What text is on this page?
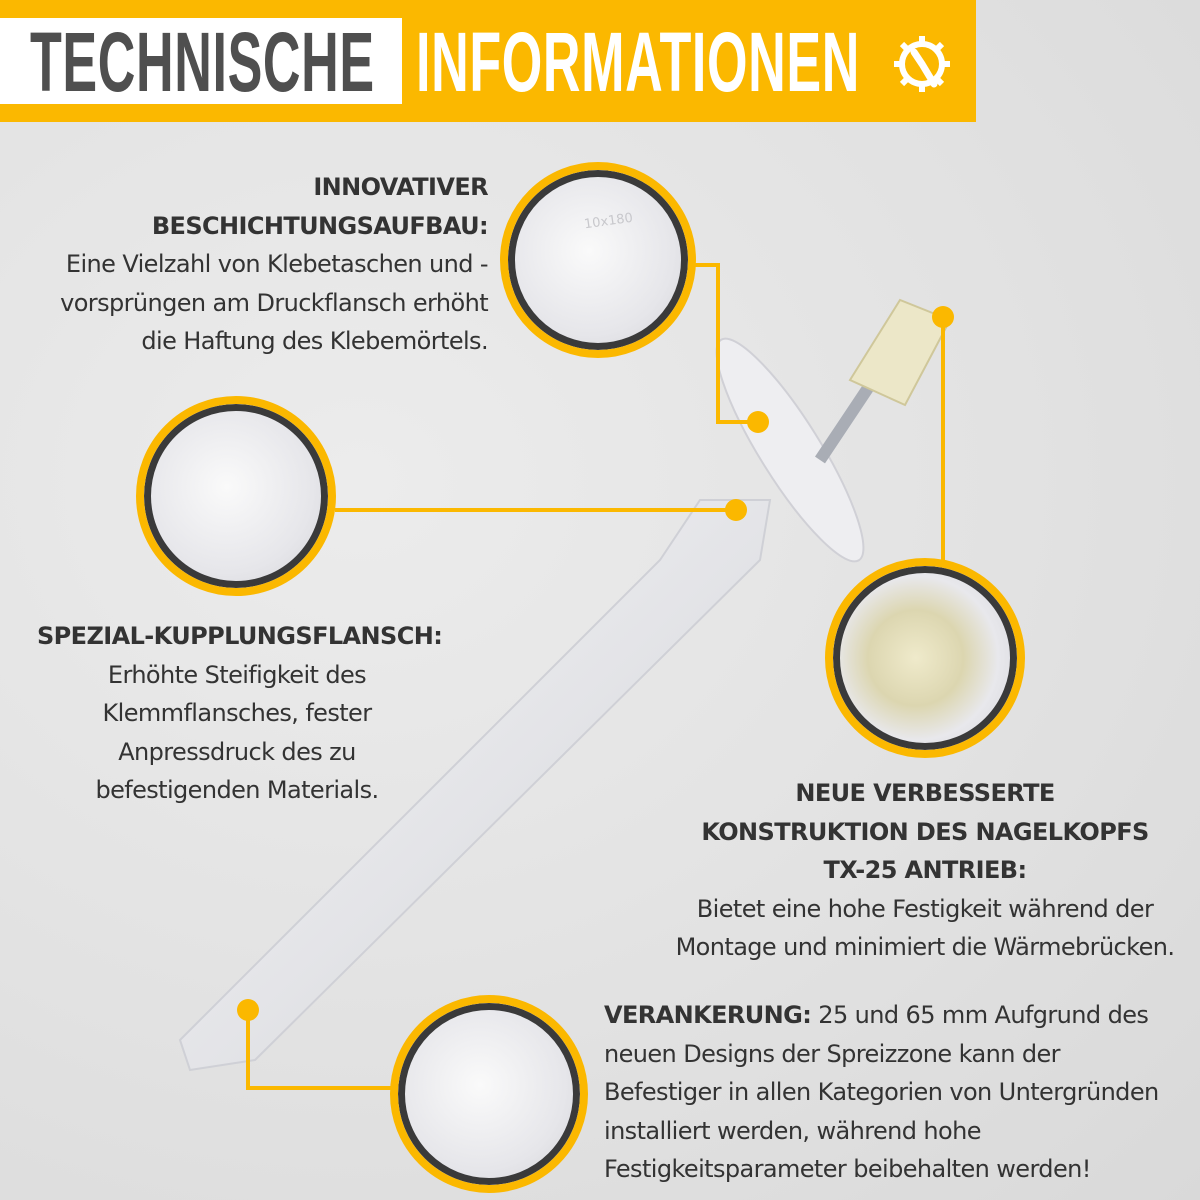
TECHNISCHE INFORMATIONEN
10x180
INNOVATIVER
BESCHICHTUNGSAUFBAU:
Eine Vielzahl von Klebetaschen und -
vorsprüngen am Druckflansch erhöht
die Haftung des Klebemörtels.
SPEZIAL-KUPPLUNGSFLANSCH:
Erhöhte Steifigkeit des
Klemmflansches, fester
Anpressdruck des zu
befestigenden Materials.	NEUE VERBESSERTE
KONSTRUKTION DES NAGELKOPFS
TX-25 ANTRIEB:
Bietet eine hohe Festigkeit während der
Montage und minimiert die Wärmebrücken.
VERANKERUNG: 25 und 65 mm Aufgrund des
neuen Designs der Spreizzone kann der
Befestiger in allen Kategorien von Untergründen
installiert werden, während hohe
Festigkeitsparameter beibehalten werden!
